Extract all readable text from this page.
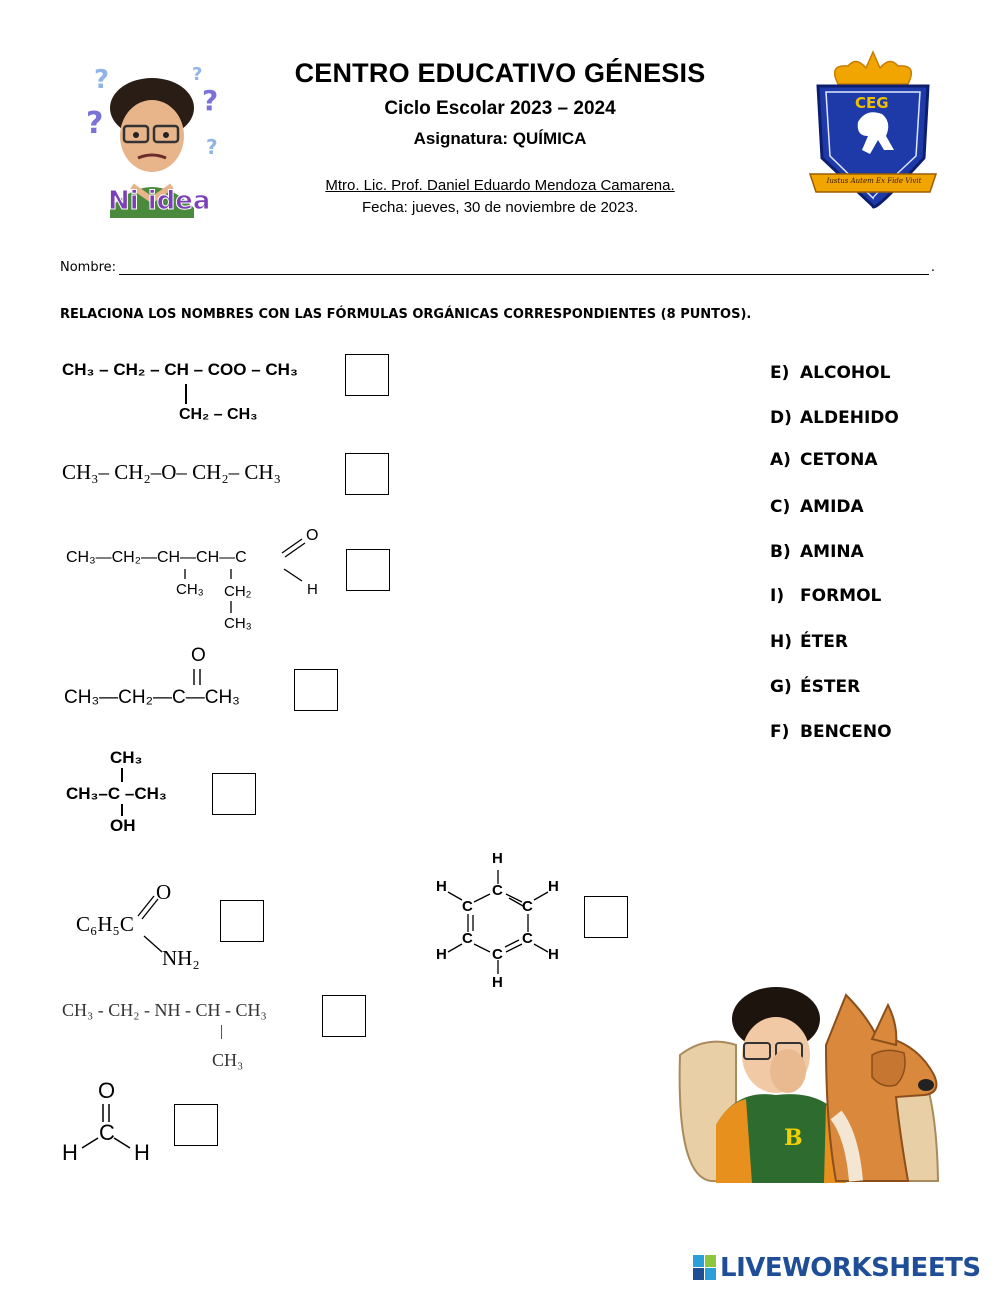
?
?
?
?
?
Ni idea
CENTRO EDUCATIVO GÉNESIS
Ciclo Escolar 2023 – 2024
Asignatura: QUÍMICA
Mtro. Lic. Prof. Daniel Eduardo Mendoza Camarena.
Fecha: jueves, 30 de noviembre de 2023.
CEG
Iustus Autem Ex Fide Vivit
Nombre:	.
RELACIONA LOS NOMBRES CON LAS FÓRMULAS ORGÁNICAS CORRESPONDIENTES (8 PUNTOS).
CH₃ – CH₂ – CH – COO – CH₃
CH₂ – CH₃
CH₃– CH₂–O– CH₂– CH₃
CH₃—CH₂—CH—CH—C
O
H
CH₃ CH₂
CH₃
O
CH₃—CH₂—C—CH₃
CH₃
CH₃–C –CH₃
OH
C₆H₅C
O
NH₂
H
C
H
C
H
C
C
H
C
H
C
H
CH₃ - CH₂ - NH - CH - CH₃
CH₃
O
C
H	H
E) ALCOHOL
D) ALDEHIDO
A) CETONA
C) AMIDA
B) AMINA
I) FORMOL
H) ÉTER
G) ÉSTER
F) BENCENO
B
LIVEWORKSHEETS
